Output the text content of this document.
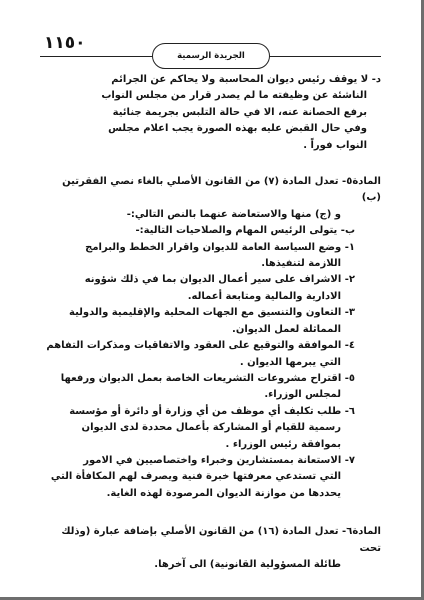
١١٥٠
الجريدة الرسمية

د- لا يوقف رئيس ديوان المحاسبة ولا يحاكم عن الجرائم

الناشئة عن وظيفته ما لم يصدر قرار من مجلس النواب

برفع الحصانة عنه، الا في حالة التلبس بجريمة جنائية

وفي حال القبض عليه بهذه الصورة يجب اعلام مجلس

النواب فوراً .

المادة٥- تعدل المادة (٧) من القانون الأصلي بالغاء نصي الفقرتين (ب)

و (ج) منها والاستعاضة عنهما بالنص التالي:-

ب- يتولى الرئيس المهام والصلاحيات التالية:-

١- وضع السياسة العامة للديوان واقرار الخطط والبرامج

اللازمة لتنفيذها.

٢- الاشراف على سير أعمال الديوان بما في ذلك شؤونه

الادارية والمالية ومتابعة أعماله.

٣- التعاون والتنسيق مع الجهات المحلية والإقليمية والدولية

المماثلة لعمل الديوان.

٤- الموافقة والتوقيع على العقود والاتفاقيات ومذكرات التفاهم

التي يبرمها الديوان .

٥- اقتراح مشروعات التشريعات الخاصة بعمل الديوان ورفعها

لمجلس الوزراء.

٦- طلب تكليف أي موظف من أي وزارة أو دائرة أو مؤسسة

رسمية للقيام أو المشاركة بأعمال محددة لدى الديوان

بموافقة رئيس الوزراء .

٧- الاستعانة بمستشارين وخبراء واختصاصيين في الامور

التي تستدعي معرفتها خبرة فنية ويصرف لهم المكافأة التي

يحددها من موازنة الديوان المرصودة لهذه الغاية.

المادة٦- تعدل المادة (١٦) من القانون الأصلي بإضافة عبارة (وذلك تحت

طائلة المسؤولية القانونية) الى آخرها.
